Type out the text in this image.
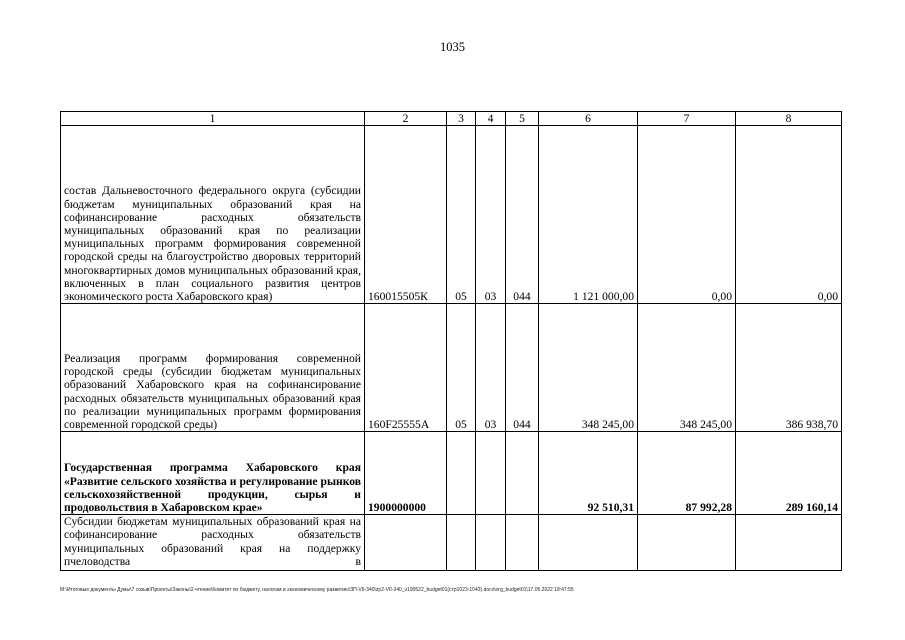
1035
1	2	3	4	5	6	7	8
состав Дальневосточного федерального округа (субсидии бюджетам муниципальных образований края на софинансирование расходных обязательств муниципальных образований края по реализации муниципальных программ формирования современной городской среды на благоустройство дворовых территорий многоквартирных домов муниципальных образований края, включенных в план социального развития центров экономического роста Хабаровского края)	160015505К	05	03	044	1 121 000,00	0,00	0,00
Реализация программ формирования современной городской среды (субсидии бюджетам муниципальных образований Хабаровского края на софинансирование расходных обязательств муниципальных образований края по реализации муниципальных программ формирования современной городской среды)	160F25555А	05	03	044	348 245,00	348 245,00	386 938,70
Государственная программа Хабаровского края «Развитие сельского хозяйства и регулирование рынков сельскохозяйственной продукции, сырья и продовольствия в Хабаровском крае»	1900000000				92 510,31	87 992,28	289 160,14
Субсидии бюджетам муниципальных образований края на софинансирование расходных обязательств муниципальных образований края на поддержку пчеловодства в							
M:\Итоговые документы Думы\7 созыв\Проекты\Законы\2 чтение\Комитет по бюджету, налогам и экономическому развитию\ЗП-VII-340\zp2-VII-340_v190522_budget01(стр1023-1043).docx\org_budget01\17.05.2022 18:47:55
